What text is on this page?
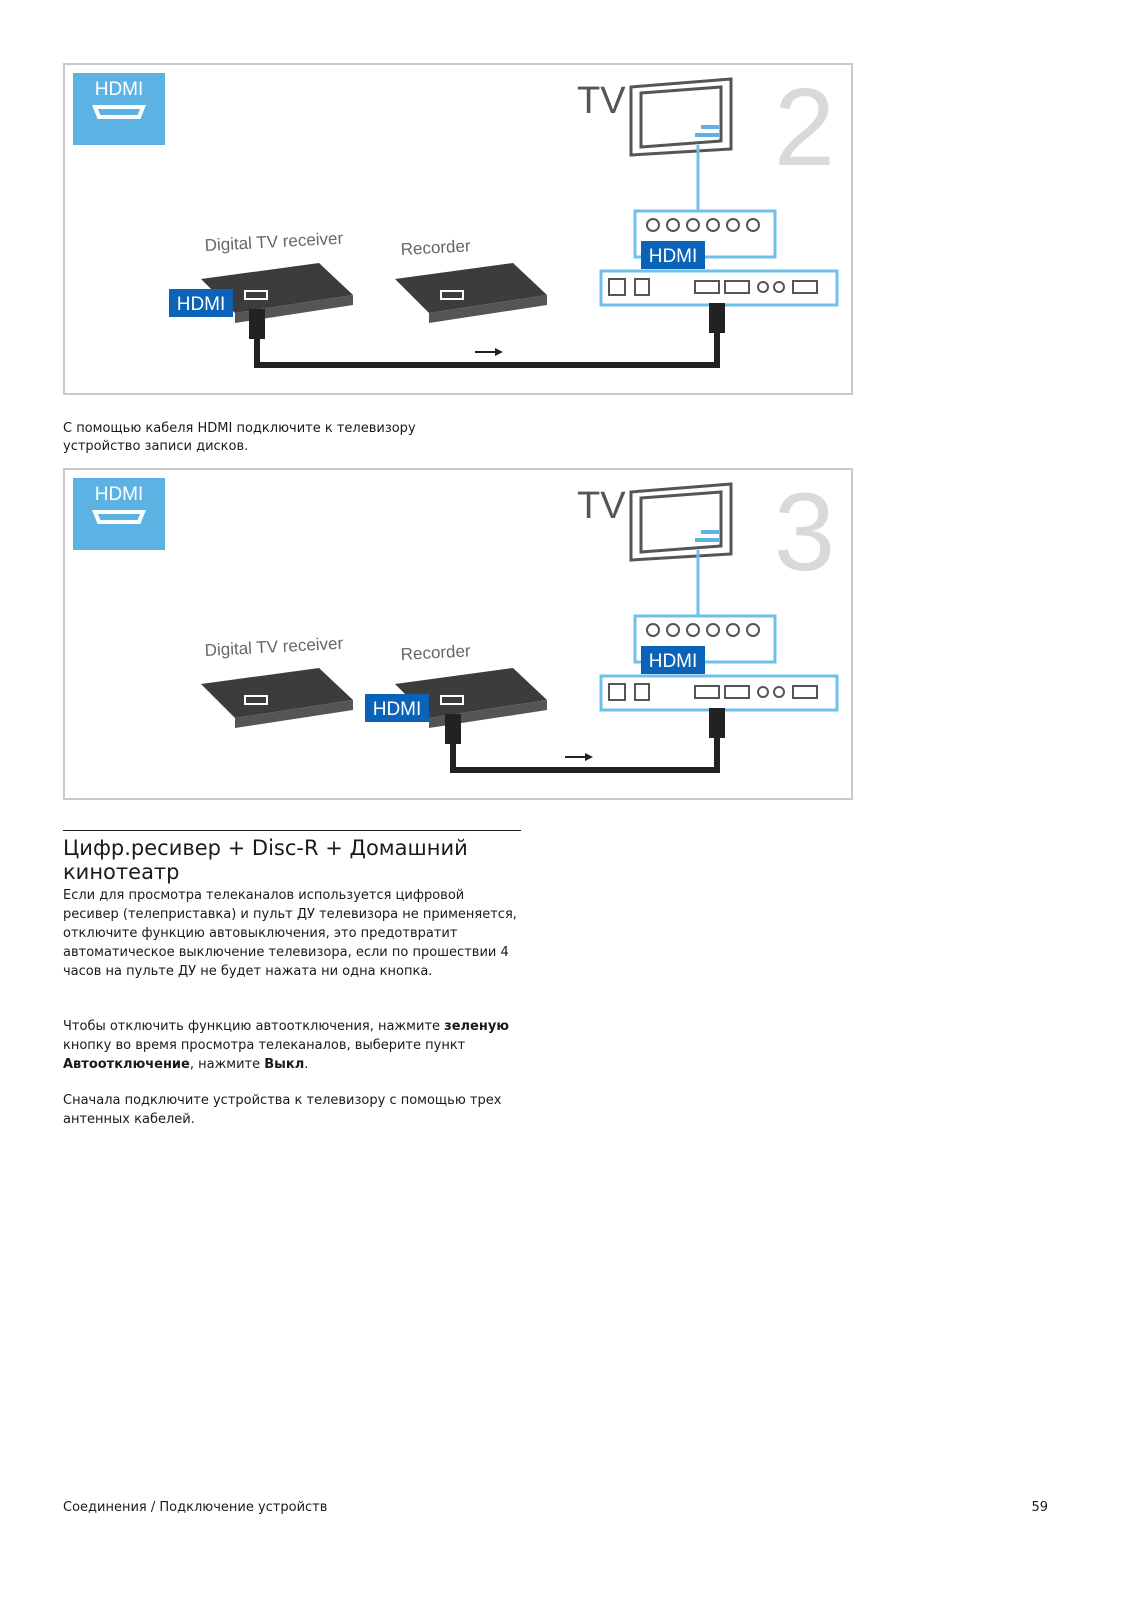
HDMI	2
TV
HDMI
Digital TV receiver	Recorder
HDMI
С помощью кабеля HDMI подключите к телевизору
устройство записи дисков.
HDMI	3
TV
HDMI
Digital TV receiver	Recorder
HDMI
Цифр.ресивер + Disc-R + Домашний
кинотеатр

Если для просмотра телеканалов используется цифровой ресивер (телеприставка) и пульт ДУ телевизора не применяется, отключите функцию автовыключения, это предотвратит автоматическое выключение телевизора, если по прошествии 4 часов на пульте ДУ не будет нажата ни одна кнопка.

Чтобы отключить функцию автоотключения, нажмите зеленую кнопку во время просмотра телеканалов, выберите пункт Автоотключение, нажмите Выкл.

Сначала подключите устройства к телевизору с помощью трех антенных кабелей.

Соединения / Подключение устройств	59
